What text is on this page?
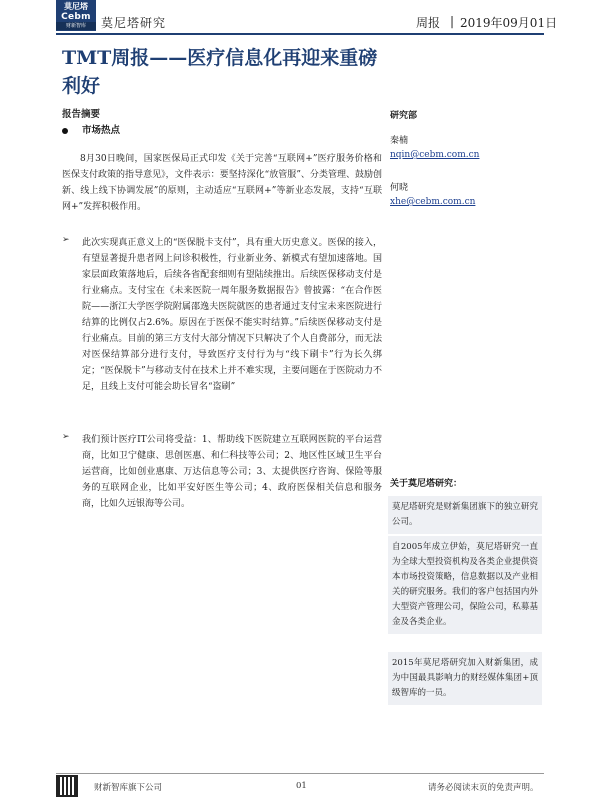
莫尼塔
Cebm
财新智库	莫尼塔研究	周报 | 2019年09月01日
TMT周报——医疗信息化再迎来重磅利好
报告摘要
市场热点
8月30日晚间，国家医保局正式印发《关于完善“互联网+”医疗服务价格和医保支付政策的指导意见》，文件表示：要坚持深化“放管服”、分类管理、鼓励创新、线上线下协调发展”的原则，主动适应“互联网+”等新业态发展，支持“互联网+”发挥积极作用。
➢ 此次实现真正意义上的“医保脱卡支付”，具有重大历史意义。医保的接入，有望显著提升患者网上问诊积极性，行业新业务、新模式有望加速落地。国家层面政策落地后，后续各省配套细则有望陆续推出。后续医保移动支付是行业痛点。支付宝在《未来医院一周年服务数据报告》曾披露：“在合作医院——浙江大学医学院附属邵逸夫医院就医的患者通过支付宝未来医院进行结算的比例仅占2.6%。原因在于医保不能实时结算。”后续医保移动支付是行业痛点。目前的第三方支付大部分情况下只解决了个人自费部分，而无法对医保结算部分进行支付，导致医疗支付行为与“线下刷卡”行为长久绑定；“医保脱卡”与移动支付在技术上并不难实现，主要问题在于医院动力不足，且线上支付可能会助长冒名“盗刷”
➢ 我们预计医疗IT公司将受益：1、帮助线下医院建立互联网医院的平台运营商，比如卫宁健康、思创医惠、和仁科技等公司；2、地区性区域卫生平台运营商，比如创业惠康、万达信息等公司；3、太提供医疗咨询、保险等服务的互联网企业，比如平安好医生等公司；4、政府医保相关信息和服务商，比如久远银海等公司。
研究部
秦楠
nqin@cebm.com.cn
何晓
xhe@cebm.com.cn
关于莫尼塔研究：
莫尼塔研究是财新集团旗下的独立研究公司。
自2005年成立伊始，莫尼塔研究一直为全球大型投资机构及各类企业提供资本市场投资策略，信息数据以及产业相关的研究服务。我们的客户包括国内外大型资产管理公司，保险公司，私募基金及各类企业。
2015年莫尼塔研究加入财新集团，成为中国最具影响力的财经媒体集团+顶级智库的一员。
财新智库旗下公司	01	请务必阅读末页的免责声明。
